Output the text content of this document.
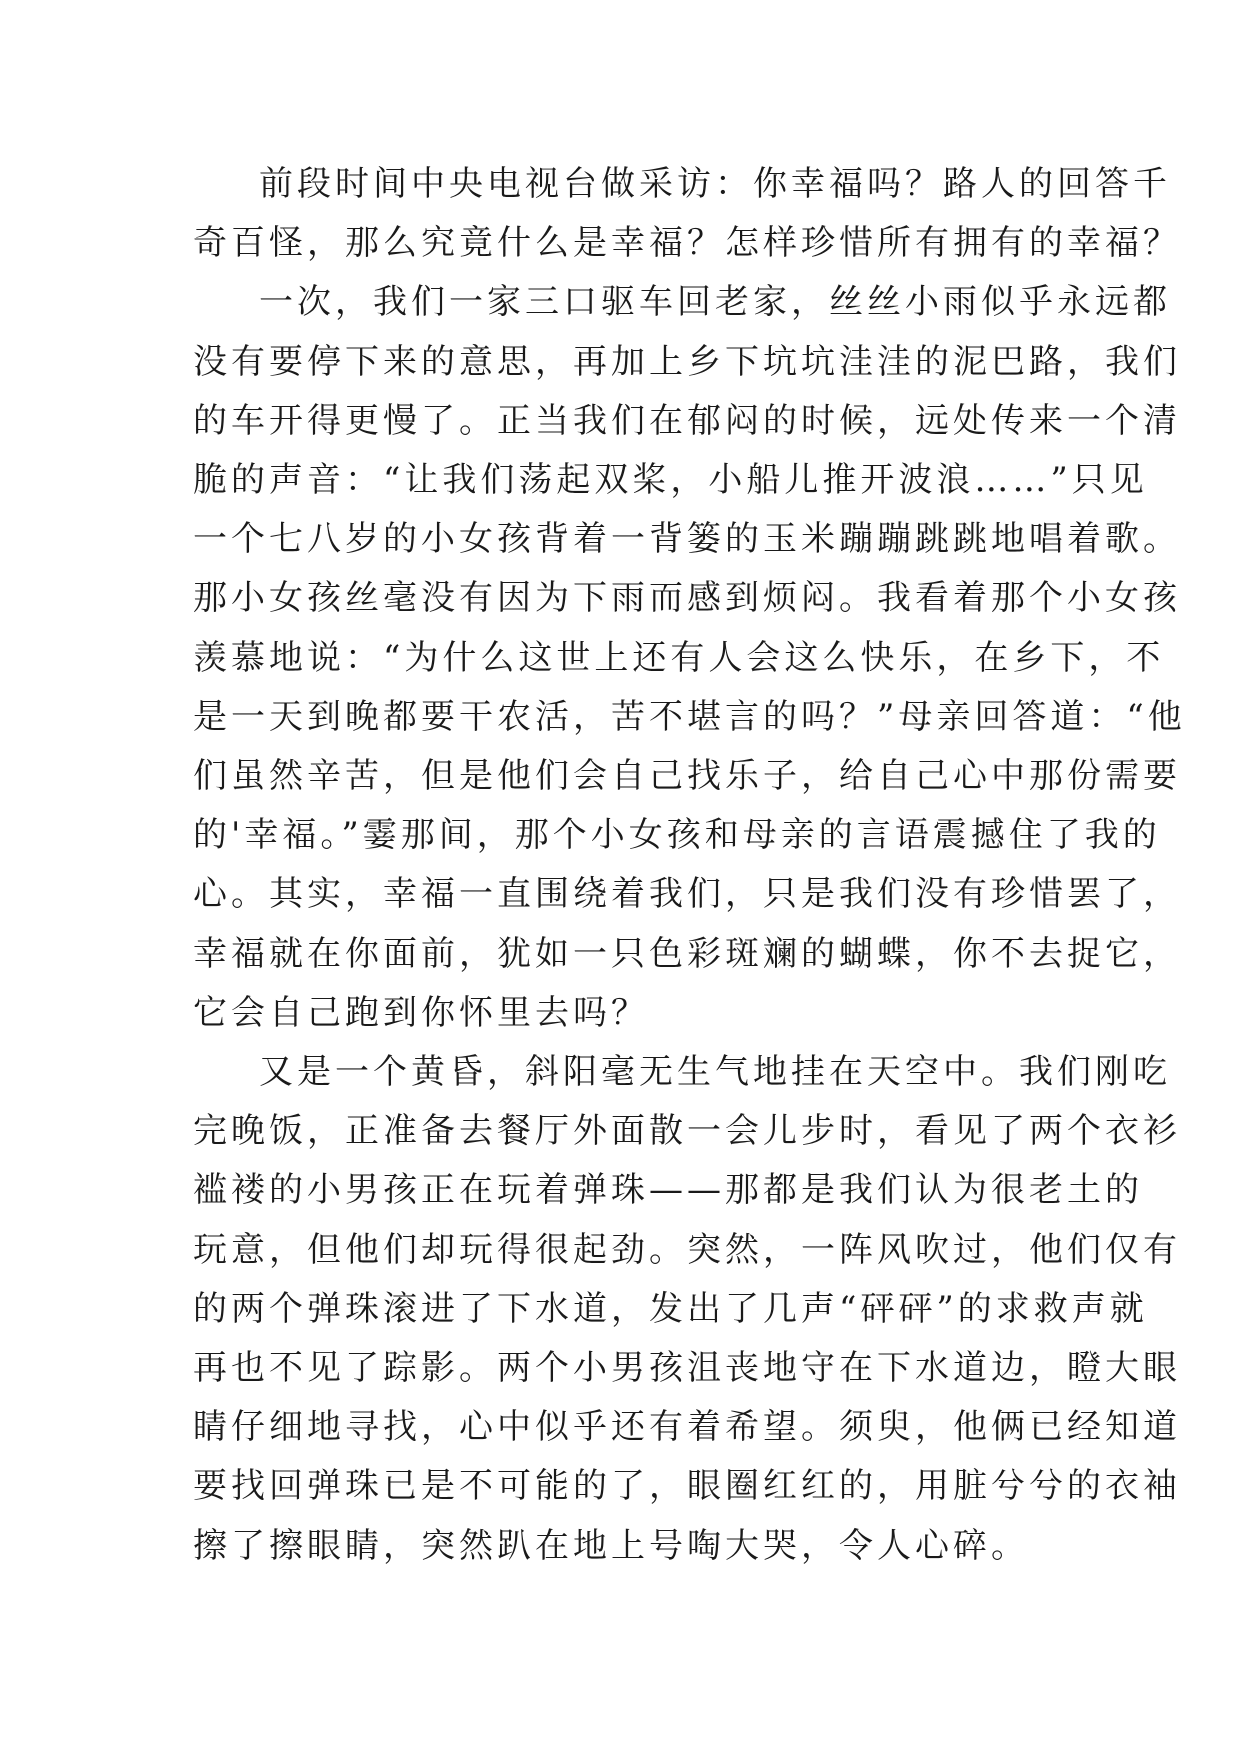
前段时间中央电视台做采访：你幸福吗？路人的回答千
奇百怪，那么究竟什么是幸福？怎样珍惜所有拥有的幸福？

一次，我们一家三口驱车回老家，丝丝小雨似乎永远都
没有要停下来的意思，再加上乡下坑坑洼洼的泥巴路，我们
的车开得更慢了。正当我们在郁闷的时候，远处传来一个清
脆的声音：“让我们荡起双桨，小船儿推开波浪……”只见
一个七八岁的小女孩背着一背篓的玉米蹦蹦跳跳地唱着歌。
那小女孩丝毫没有因为下雨而感到烦闷。我看着那个小女孩
羡慕地说：“为什么这世上还有人会这么快乐，在乡下，不
是一天到晚都要干农活，苦不堪言的吗？”母亲回答道：“他
们虽然辛苦，但是他们会自己找乐子，给自己心中那份需要
的'幸福。”霎那间，那个小女孩和母亲的言语震撼住了我的
心。其实，幸福一直围绕着我们，只是我们没有珍惜罢了，
幸福就在你面前，犹如一只色彩斑斓的蝴蝶，你不去捉它，
它会自己跑到你怀里去吗？

又是一个黄昏，斜阳毫无生气地挂在天空中。我们刚吃
完晚饭，正准备去餐厅外面散一会儿步时，看见了两个衣衫
褴褛的小男孩正在玩着弹珠——那都是我们认为很老土的
玩意，但他们却玩得很起劲。突然，一阵风吹过，他们仅有
的两个弹珠滚进了下水道，发出了几声“砰砰”的求救声就
再也不见了踪影。两个小男孩沮丧地守在下水道边，瞪大眼
睛仔细地寻找，心中似乎还有着希望。须臾，他俩已经知道
要找回弹珠已是不可能的了，眼圈红红的，用脏兮兮的衣袖
擦了擦眼睛，突然趴在地上号啕大哭，令人心碎。
